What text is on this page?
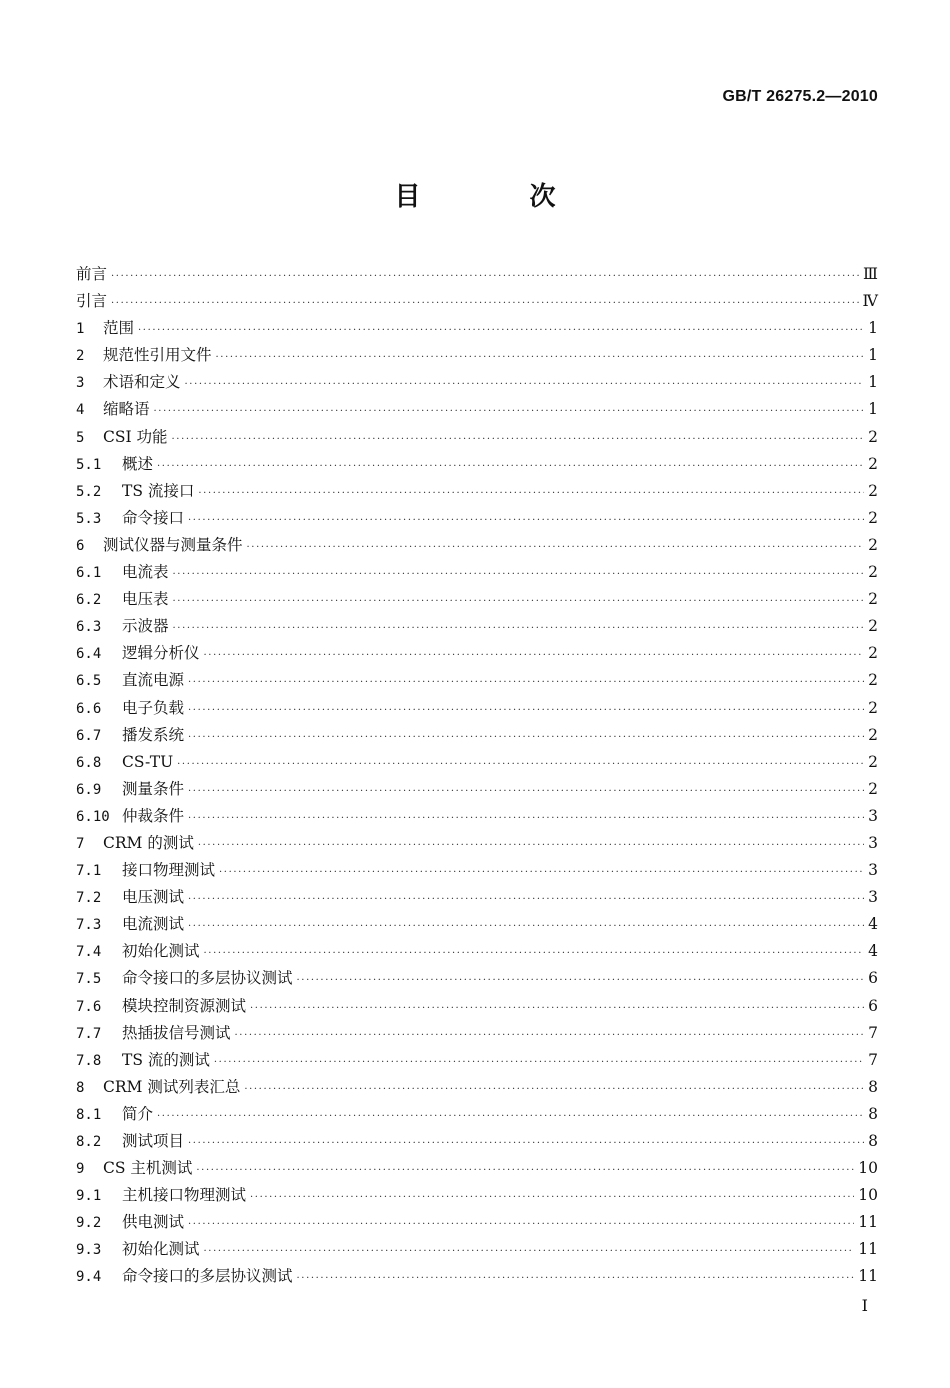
GB/T 26275.2—2010
目 次
前言 ·····	Ⅲ
引言 ·····	Ⅳ
1	范围 ·····	1
2	规范性引用文件 ·····	1
3	术语和定义 ·····	1
4	缩略语 ·····	1
5	CSI 功能 ·····	2
5.1	概述 ·····	2
5.2	TS 流接口 ·····	2
5.3	命令接口 ·····	2
6	测试仪器与测量条件 ·····	2
6.1	电流表 ·····	2
6.2	电压表 ·····	2
6.3	示波器 ·····	2
6.4	逻辑分析仪 ·····	2
6.5	直流电源 ·····	2
6.6	电子负载 ·····	2
6.7	播发系统 ·····	2
6.8	CS-TU ·····	2
6.9	测量条件 ·····	2
6.10 仲裁条件 ·····	3
7	CRM 的测试 ·····	3
7.1	接口物理测试 ·····	3
7.2	电压测试 ·····	3
7.3	电流测试 ·····	4
7.4	初始化测试 ·····	4
7.5	命令接口的多层协议测试 ·····	6
7.6	模块控制资源测试 ·····	6
7.7	热插拔信号测试 ·····	7
7.8	TS 流的测试 ·····	7
8	CRM 测试列表汇总 ·····	8
8.1	简介 ·····	8
8.2	测试项目 ·····	8
9	CS 主机测试 ·····	10
9.1	主机接口物理测试 ·····	10
9.2	供电测试 ·····	11
9.3	初始化测试 ·····	11
9.4	命令接口的多层协议测试 ·····	11
I
